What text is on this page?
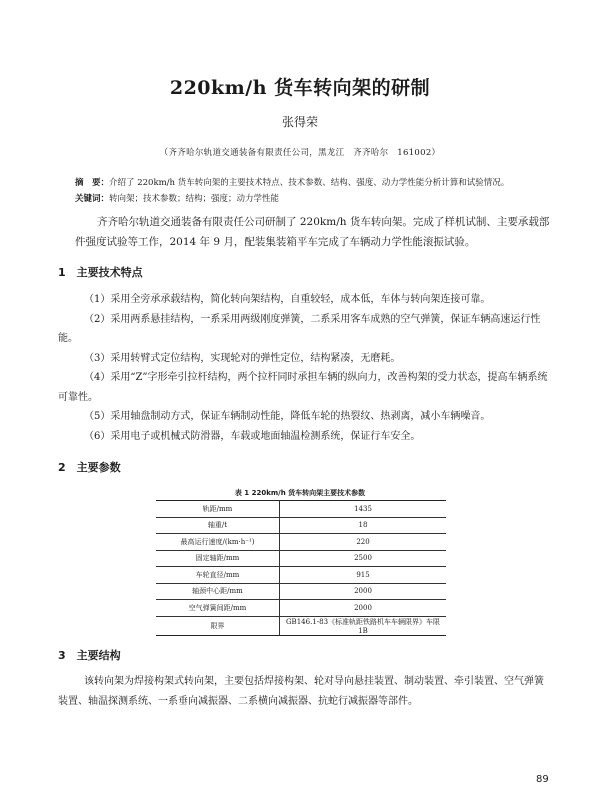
220km/h 货车转向架的研制
张得荣
（齐齐哈尔轨道交通装备有限责任公司，黑龙江　齐齐哈尔　161002）
摘　要：介绍了 220km/h 货车转向架的主要技术特点、技术参数、结构、强度、动力学性能分析计算和试验情况。
关键词：转向架；技术参数；结构；强度；动力学性能
齐齐哈尔轨道交通装备有限责任公司研制了 220km/h 货车转向架。完成了样机试制、主要承载部件强度试验等工作，2014 年 9 月，配装集装箱平车完成了车辆动力学性能滚振试验。
1　主要技术特点

（1）采用全旁承承载结构，简化转向架结构，自重较轻，成本低，车体与转向架连接可靠。

（2）采用两系悬挂结构，一系采用两级刚度弹簧，二系采用客车成熟的空气弹簧，保证车辆高速运行性能。

（3）采用转臂式定位结构，实现轮对的弹性定位，结构紧凑，无磨耗。

（4）采用“Z”字形牵引拉杆结构，两个拉杆同时承担车辆的纵向力，改善构架的受力状态，提高车辆系统可靠性。

（5）采用轴盘制动方式，保证车辆制动性能，降低车轮的热裂纹、热剥离，减小车辆噪音。

（6）采用电子或机械式防滑器，车载或地面轴温检测系统，保证行车安全。

2　主要参数
表 1 220km/h 货车转向架主要技术参数
轨距/mm	1435
轴重/t	18
最高运行速度/(km·h⁻¹)	220
固定轴距/mm	2500
车轮直径/mm	915
轴颈中心距/mm	2000
空气弹簧间距/mm	2000
限界	GB146.1-83《标准轨距铁路机车车辆限界》车限 1B
3　主要结构
该转向架为焊接构架式转向架，主要包括焊接构架、轮对导向悬挂装置、制动装置、牵引装置、空气弹簧装置、轴温探测系统、一系垂向减振器、二系横向减振器、抗蛇行减振器等部件。
89
